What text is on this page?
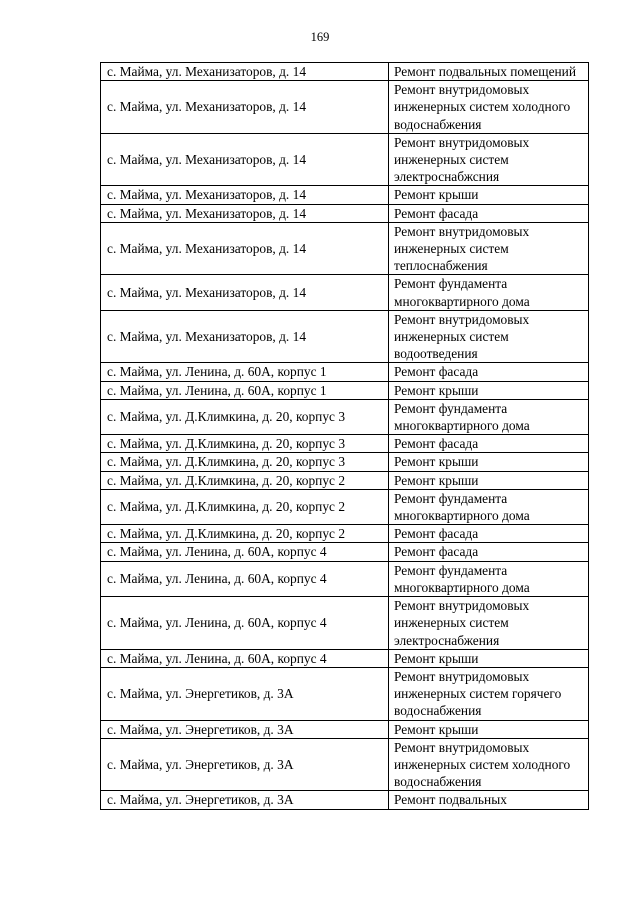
169
с. Майма, ул. Механизаторов, д. 14	Ремонт подвальных помещений
с. Майма, ул. Механизаторов, д. 14	Ремонт внутридомовых инженерных систем холодного водоснабжения
с. Майма, ул. Механизаторов, д. 14	Ремонт внутридомовых инженерных систем электроснабжсния
с. Майма, ул. Механизаторов, д. 14	Ремонт крыши
с. Майма, ул. Механизаторов, д. 14	Ремонт фасада
с. Майма, ул. Механизаторов, д. 14	Ремонт внутридомовых инженерных систем теплоснабжения
с. Майма, ул. Механизаторов, д. 14	Ремонт фундамента многоквартирного дома
с. Майма, ул. Механизаторов, д. 14	Ремонт внутридомовых инженерных систем водоотведения
с. Майма, ул. Ленина, д. 60А, корпус 1	Ремонт фасада
с. Майма, ул. Ленина, д. 60А, корпус 1	Ремонт крыши
с. Майма, ул. Д.Климкина, д. 20, корпус 3	Ремонт фундамента многоквартирного дома
с. Майма, ул. Д.Климкина, д. 20, корпус 3	Ремонт фасада
с. Майма, ул. Д.Климкина, д. 20, корпус 3	Ремонт крыши
с. Майма, ул. Д.Климкина, д. 20, корпус 2	Ремонт крыши
с. Майма, ул. Д.Климкина, д. 20, корпус 2	Ремонт фундамента многоквартирного дома
с. Майма, ул. Д.Климкина, д. 20, корпус 2	Ремонт фасада
с. Майма, ул. Ленина, д. 60А, корпус 4	Ремонт фасада
с. Майма, ул. Ленина, д. 60А, корпус 4	Ремонт фундамента многоквартирного дома
с. Майма, ул. Ленина, д. 60А, корпус 4	Ремонт внутридомовых инженерных систем электроснабжения
с. Майма, ул. Ленина, д. 60А, корпус 4	Ремонт крыши
с. Майма, ул. Энергетиков, д. 3А	Ремонт внутридомовых инженерных систем горячего водоснабжения
с. Майма, ул. Энергетиков, д. 3А	Ремонт крыши
с. Майма, ул. Энергетиков, д. 3А	Ремонт внутридомовых инженерных систем холодного водоснабжения
с. Майма, ул. Энергетиков, д. 3А	Ремонт подвальных
